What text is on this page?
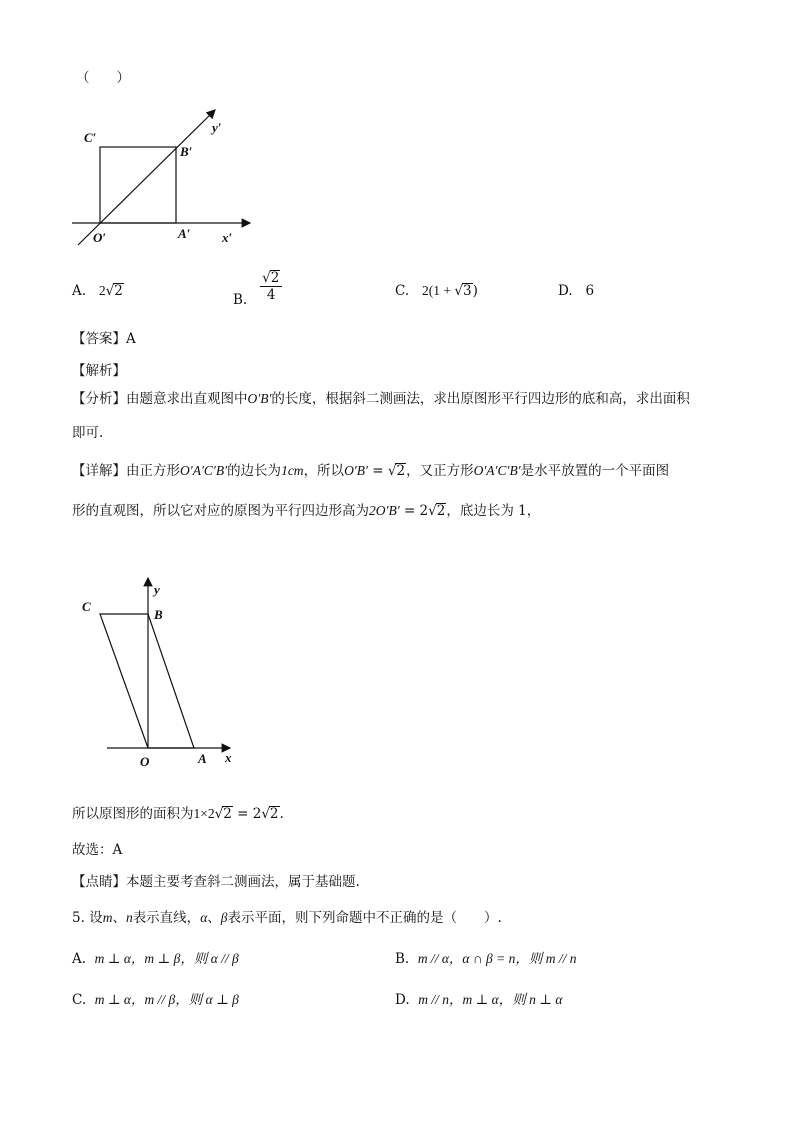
（　　）
C′
B′
O′	A′ x′
y′
A. 2√2
B. $\frac{√2}{4}$	C. 2(1 + √3)	D. 6
【答案】A
【解析】
【分析】由题意求出直观图中O′B′的长度，根据斜二测画法，求出原图形平行四边形的底和高，求出面积
即可.
【详解】由正方形O′A′C′B′的边长为1cm，所以O′B′ = √2，又正方形O′A′C′B′是水平放置的一个平面图
形的直观图，所以它对应的原图为平行四边形高为2O′B′ = 2√2，底边长为 1，
C
B
O	A x
y
所以原图形的面积为1×2√2 = 2√2.
故选：A
【点睛】本题主要考查斜二测画法，属于基础题.
5. 设m、n表示直线，α、β表示平面，则下列命题中不正确的是（　　）.
A. m ⊥ α，m ⊥ β，则 α // β	B. m // α，α ∩ β = n，则 m // n
C. m ⊥ α，m // β，则 α ⊥ β	D. m // n，m ⊥ α，则 n ⊥ α
